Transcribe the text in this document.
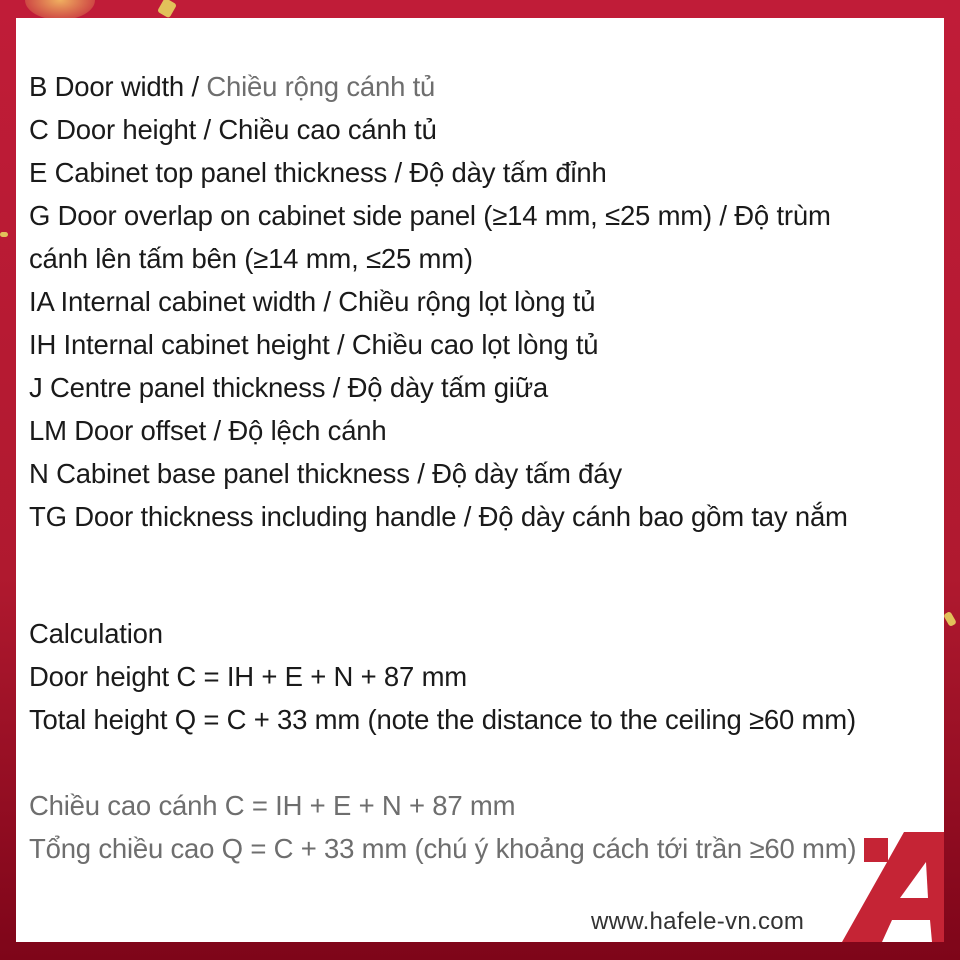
B Door width / Chiều rộng cánh tủ
C Door height / Chiều cao cánh tủ
E Cabinet top panel thickness / Độ dày tấm đỉnh
G Door overlap on cabinet side panel (≥14 mm, ≤25 mm) / Độ trùm
cánh lên tấm bên (≥14 mm, ≤25 mm)
IA Internal cabinet width / Chiều rộng lọt lòng tủ
IH Internal cabinet height / Chiều cao lọt lòng tủ
J Centre panel thickness / Độ dày tấm giữa
LM Door offset / Độ lệch cánh
N Cabinet base panel thickness / Độ dày tấm đáy
TG Door thickness including handle / Độ dày cánh bao gồm tay nắm
Calculation
Door height C = IH + E + N + 87 mm
Total height Q = C + 33 mm (note the distance to the ceiling ≥60 mm)
Chiều cao cánh C = IH + E + N + 87 mm
Tổng chiều cao Q = C + 33 mm (chú ý khoảng cách tới trần ≥60 mm)
www.hafele-vn.com
